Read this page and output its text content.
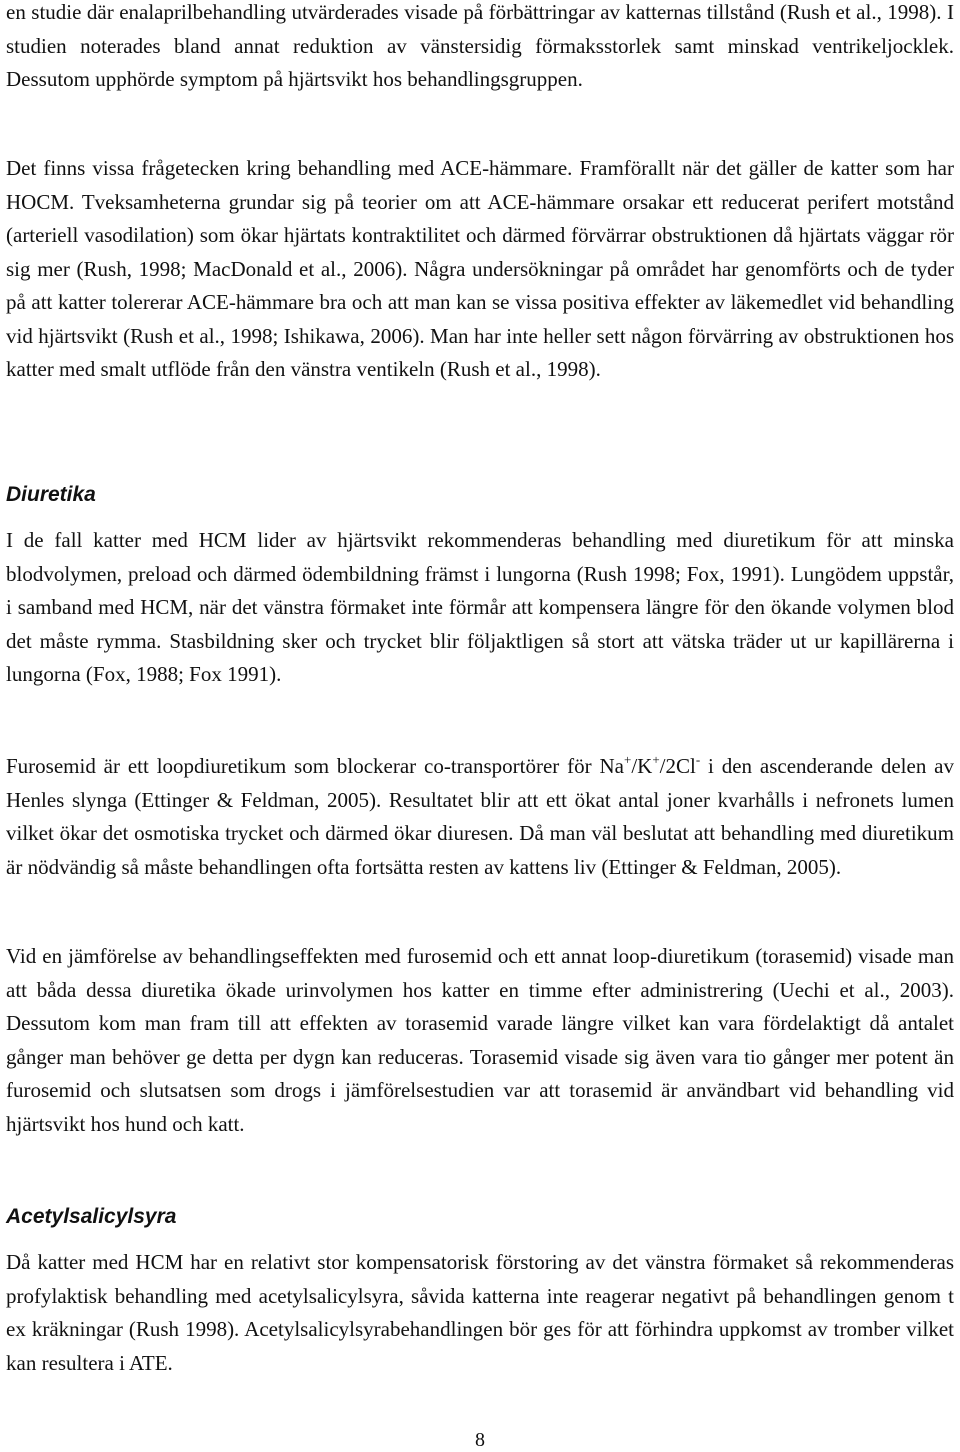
en studie där enalaprilbehandling utvärderades visade på förbättringar av katternas tillstånd (Rush et al., 1998). I studien noterades bland annat reduktion av vänstersidig förmaksstorlek samt minskad ventrikeljocklek. Dessutom upphörde symptom på hjärtsvikt hos behandlingsgruppen.

Det finns vissa frågetecken kring behandling med ACE-hämmare. Framförallt när det gäller de katter som har HOCM. Tveksamheterna grundar sig på teorier om att ACE-hämmare orsakar ett reducerat perifert motstånd (arteriell vasodilation) som ökar hjärtats kontraktilitet och därmed förvärrar obstruktionen då hjärtats väggar rör sig mer (Rush, 1998; MacDonald et al., 2006). Några undersökningar på området har genomförts och de tyder på att katter tolererar ACE-hämmare bra och att man kan se vissa positiva effekter av läkemedlet vid behandling vid hjärtsvikt (Rush et al., 1998; Ishikawa, 2006). Man har inte heller sett någon förvärring av obstruktionen hos katter med smalt utflöde från den vänstra ventikeln (Rush et al., 1998).

Diuretika

I de fall katter med HCM lider av hjärtsvikt rekommenderas behandling med diuretikum för att minska blodvolymen, preload och därmed ödembildning främst i lungorna (Rush 1998; Fox, 1991). Lungödem uppstår, i samband med HCM, när det vänstra förmaket inte förmår att kompensera längre för den ökande volymen blod det måste rymma. Stasbildning sker och trycket blir följaktligen så stort att vätska träder ut ur kapillärerna i lungorna (Fox, 1988; Fox 1991).

Furosemid är ett loopdiuretikum som blockerar co-transportörer för Na+/K+/2Cl- i den ascenderande delen av Henles slynga (Ettinger & Feldman, 2005). Resultatet blir att ett ökat antal joner kvarhålls i nefronets lumen vilket ökar det osmotiska trycket och därmed ökar diuresen. Då man väl beslutat att behandling med diuretikum är nödvändig så måste behandlingen ofta fortsätta resten av kattens liv (Ettinger & Feldman, 2005).

Vid en jämförelse av behandlingseffekten med furosemid och ett annat loop-diuretikum (torasemid) visade man att båda dessa diuretika ökade urinvolymen hos katter en timme efter administrering (Uechi et al., 2003). Dessutom kom man fram till att effekten av torasemid varade längre vilket kan vara fördelaktigt då antalet gånger man behöver ge detta per dygn kan reduceras. Torasemid visade sig även vara tio gånger mer potent än furosemid och slutsatsen som drogs i jämförelsestudien var att torasemid är användbart vid behandling vid hjärtsvikt hos hund och katt.

Acetylsalicylsyra

Då katter med HCM har en relativt stor kompensatorisk förstoring av det vänstra förmaket så rekommenderas profylaktisk behandling med acetylsalicylsyra, såvida katterna inte reagerar negativt på behandlingen genom t ex kräkningar (Rush 1998). Acetylsalicylsyrabehandlingen bör ges för att förhindra uppkomst av tromber vilket kan resultera i ATE.

8
